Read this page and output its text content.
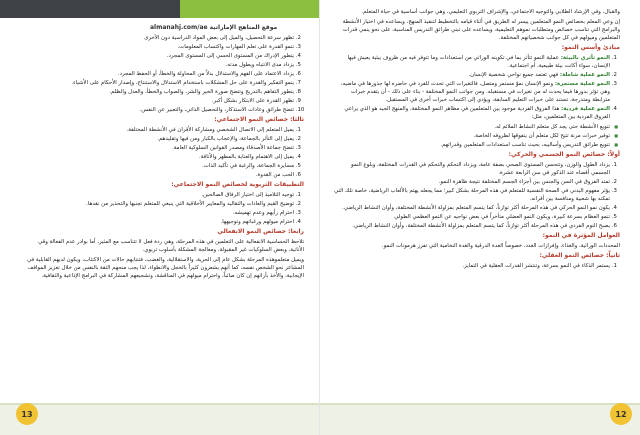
almanahj.com/ae موقع المناهج الإماراتية
2. تظهر سرعة التحصيل، والميل إلى بعض المواد الدراسية دون الأخرى
3. تنمو القدرة على تعلم المهارات واكتساب المعلومات.
4. يتطور الإدراك من المستوى الحسي إلى المستوى المجرد.
5. يزداد مدى الانتباه ويطول مدته.
6. يزداد الاعتماد على الفهم والاستدلال بدلاً من المحاولة والخطأ، أو الحفظ المجرد.
7. ينمو التفكير والقدرة على حل المشكلات باستخدام الاستدلال والاستنتاج، وإصدار الأحكام على الأشياء.
8. يتطور التفاهم بالتدريج وتتضح صورة الخير والشر، والصواب والخطأ، والعدل والظلم.
9. تظهر القدرة على الابتكار بشكل أكبر.
10. تتضح طرائق وعادات الاستذكار، والتحصيل الذاتي، والتعبير عن النفس.
ثالثا: خصائص النمو الاجتماعي:
1. يميل المتعلم إلى الاتصال الشخصي ومشاركة الأقران في الأنشطة المختلفة.
2. يميل إلى التأثر بالجماعة، والإعجاب بالكبار ومن فيها وتقليدهم.
3. تتضح جماعة الأصدقاء ومصدر القوانين السلوكية العامة.
4. يميل إلى الاهتمام والعناية بالمظهر والأناقة.
5. مسايرة الجماعة، والرغبة في تأكيد الذات.
6. الحب من القدوة.
التطبيقات التربوية لخصائص النمو الاجتماعي:
1. توجيه التلاميذ إلى اختيار الرفاق الصالحين.
2. توضيح القيم والعادات والتقاليد والمعايير الأخلاقية التي ينبغي للمتعلم تجنبها والتحذير من نقدها.
3. احترام رأيهم وعدم تهميشه.
4. احترام ميولهم ورغباتهم وتوجيهها.
رابعا: خصائص النمو الانفعالي

تلاحظ الحساسية الانفعالية على التعلمين في هذه المرحلة، وهي ردة فعل لا تتناسب مع المثير، أما بوادر عدم الفعالة وقي الأنانية، وبعض السلوكيات غير المقبولة، ومعالجة المشكلة بأسلوب تربوي.

ويميل متعلموهذه المرحلة بشكل عام إلى الحرية، والاستقلالية، والغضب، فتنتابهم حالات من الاكتئاب، ويكون لديهم القابلية في المشاعر نحو الشخص نفسه، كما أنهم يشعرون كثيراً بالخجل والانطواء، لذا يجب منحهم الثقة بالنفس من خلال تعزيز المواقف الإيجابية، والأخذ بآرائهم إن كان صائباً، واحترام ميولهم في المناقشة، وتشجيعهم المشاركة في البرامج الإذاعية والثقافية.

13

والقبال، وفي الإرشاد الطلابي والتوجيه الاجتماعي، والإشراف التربوي التعليمي، وهي جوانب أساسية في حياة المتعلم.

إن وعي المعلم بخصائص النمو المتعلمين ييسر له الطريق في أثناء قيامه بالتخطيط لتنفيذ المنهج، ويساعده في اختيار الأنشطة والبرامج التي تناسب خصائص ومتطلبات نموهم التعليمية، ويساعده على تبني طرائق التدريس المناسبة، على نحو ينمي قدرات المتعلمين وميولهم في كل جوانب شخصياتهم المختلفة.

مبادئ وأسس النمو:
1. النمو تأثري بالبيئة: عملية النمو تتأثر بما في تكوينه الوراثي من استعدادات وما تتوفر فيه من ظروف بيئية يعيش فيها الإنسان، سواء أكانت بيئة طبيعية، أم اجتماعية.
2. النمو عملية شاملة: فهي تعتمد جميع نواحي شخصية الإنسان.
3. النمو عملية مستمرة: ونمو الإنسان نموّ مستمر ومتصل، فالتغيرات التي تحدث للفرد في حاضره لها جذورها في ماضيه، وهي تؤثر بدورها فيما يحدث له من تغيرات في مستقبله. ومن جوانب النمو المختلفة - بناء على ذلك - أن يتقدم خبرات مترابطة ومتدرجة، تستند على خبرات التعليم السابقة، ويؤدي إلى اكتساب خبرات أخرى في المستقبل.
4. النمو عملية فردية: هذا الفروق الفردية موجود بين المتعلمين في مظاهر النمو المختلفة، والمنهج الجيد هو الذي يراعي الفروق الفردية بين المتعلمين، مثل:
■ تنويع الأنشطة حتى يجد كل متعلم النشاط الملائم له.
■ توفير خبرات مرنة تتيح لكل متعلم أن يتفوقها لظروفه الخاصة.
■ تنويع طرائق التدريس وأساليبه، بحيث تناسب استعدادات المتعلمين وقدراتهم.
أولاً: خصائص النمو الجسمي والحركي:
1. يزداد الطول والوزن، وتتحسن المستوى الصحي بصفة عامة، ويزداد التحكم والتحكم في القدرات المختلفة، وبلوغ النمو الجسمي أقصاه عند الذكور في سن الرابعة عشرة.
2. تمتد الفروق في السن والجنس بين أجزاء الجسم المختلفة نتيجة ظاهرة النمو.
3. يؤثر مفهوم البدني في الصحة النفسية للمتعلم في هذه المرحلة بشكل كبير؛ مما يجعله يهتم بالألعاب الرياضية، خاصة تلك التي تمكنه بها شعبية ومنافسة بين أقرانه.
4. يكون نمو النمو الحركي في هذه المرحلة أكثر توازناً، كما يتسم المتعلم بمزاولة الأنشطة المختلفة، وأوان النشاط الرياضي.
5. تنمو العظام بسرعة كبيرة، ويكون النمو العضلي متأخراً في بعض نواحيه عن النمو العظمي الطولي
6. يصبح النوم الفردي في هذه المرحلة أكثر توازناً، كما يتسم المتعلم بمزاولة الأنشطة المختلفة، وأوان النشاط الرياضي.
العوامل المؤثرة في النمو:

المحددات الوراثية، والغذاء، وإفرازات الغدد، خصوصاً الغدة الدرقية والغدة النخامية التي تفرز هرمونات النمو.

ثانياً: خصائص النمو العقلي:
1. يستمر الذكاء في النمو بسرعة، وتنتشر القدرات العقلية في التمايز.
12
